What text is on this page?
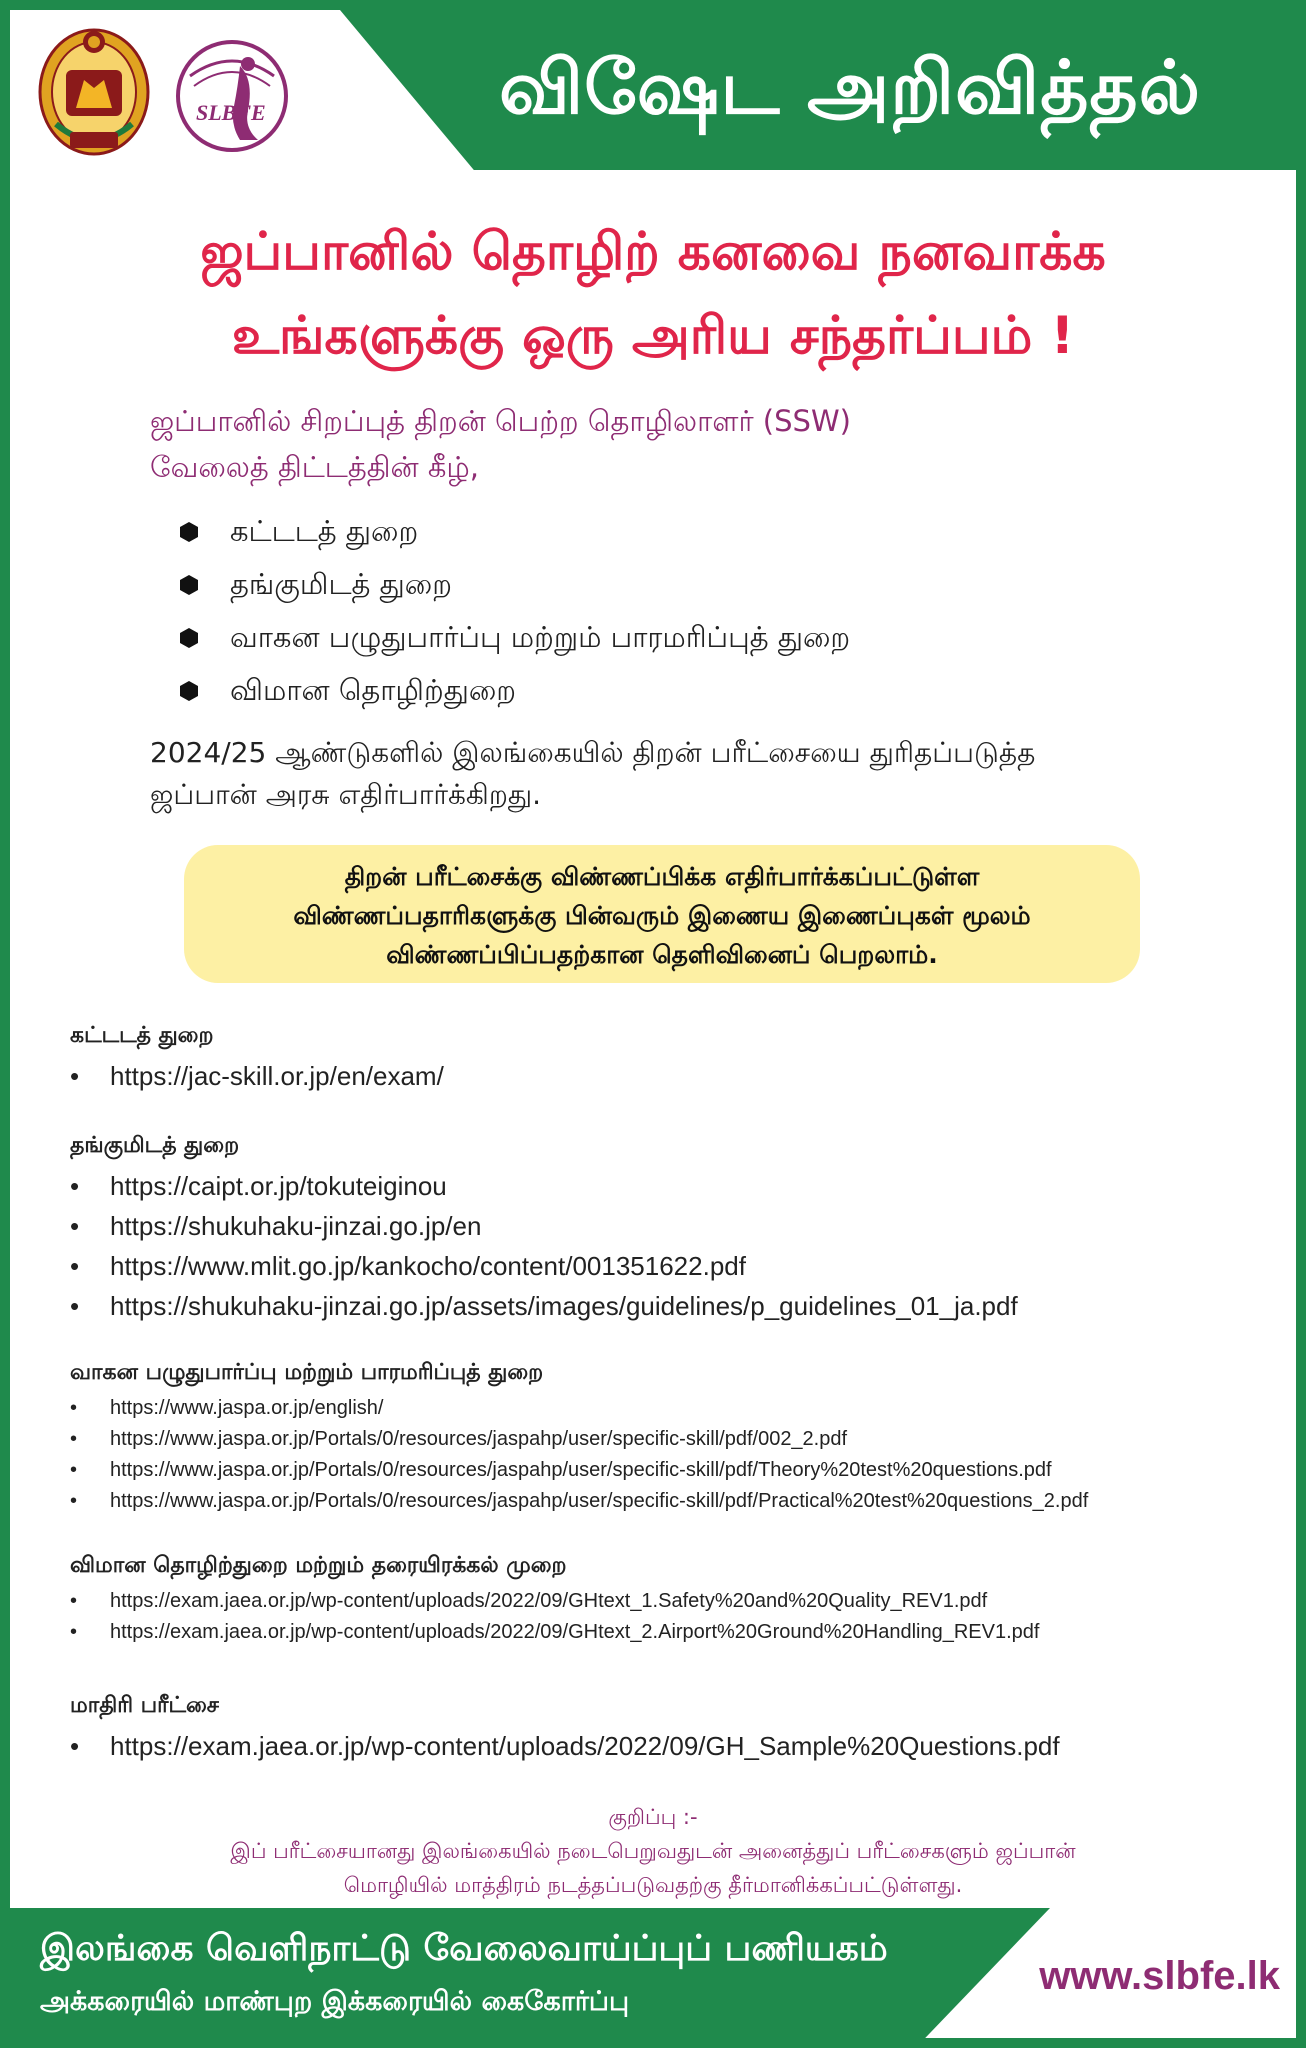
விஷேட அறிவித்தல்
SLBFE
ஜப்பானில் தொழிற் கனவை நனவாக்க
உங்களுக்கு ஒரு அரிய சந்தர்ப்பம் !
ஜப்பானில் சிறப்புத் திறன் பெற்ற தொழிலாளர் (SSW)
வேலைத் திட்டத்தின் கீழ்,
கட்டடத் துறை
தங்குமிடத் துறை
வாகன பழுதுபார்ப்பு மற்றும் பாரமரிப்புத் துறை
விமான தொழிற்துறை
2024/25 ஆண்டுகளில் இலங்கையில் திறன் பரீட்சையை துரிதப்படுத்த
ஜப்பான் அரசு எதிர்பார்க்கிறது.
திறன் பரீட்சைக்கு விண்ணப்பிக்க எதிர்பார்க்கப்பட்டுள்ள
விண்ணப்பதாரிகளுக்கு பின்வரும் இணைய இணைப்புகள் மூலம்
விண்ணப்பிப்பதற்கான தெளிவினைப் பெறலாம்.
கட்டடத் துறை
• https://jac-skill.or.jp/en/exam/
தங்குமிடத் துறை
• https://caipt.or.jp/tokuteiginou
• https://shukuhaku-jinzai.go.jp/en
• https://www.mlit.go.jp/kankocho/content/001351622.pdf
• https://shukuhaku-jinzai.go.jp/assets/images/guidelines/p_guidelines_01_ja.pdf
வாகன பழுதுபார்ப்பு மற்றும் பாரமரிப்புத் துறை
• https://www.jaspa.or.jp/english/
• https://www.jaspa.or.jp/Portals/0/resources/jaspahp/user/specific-skill/pdf/002_2.pdf
• https://www.jaspa.or.jp/Portals/0/resources/jaspahp/user/specific-skill/pdf/Theory%20test%20questions.pdf
• https://www.jaspa.or.jp/Portals/0/resources/jaspahp/user/specific-skill/pdf/Practical%20test%20questions_2.pdf
விமான தொழிற்துறை மற்றும் தரையிரக்கல் முறை
• https://exam.jaea.or.jp/wp-content/uploads/2022/09/GHtext_1.Safety%20and%20Quality_REV1.pdf
• https://exam.jaea.or.jp/wp-content/uploads/2022/09/GHtext_2.Airport%20Ground%20Handling_REV1.pdf
மாதிரி பரீட்சை
• https://exam.jaea.or.jp/wp-content/uploads/2022/09/GH_Sample%20Questions.pdf
குறிப்பு :-
இப் பரீட்சையானது இலங்கையில் நடைபெறுவதுடன் அனைத்துப் பரீட்சைகளும் ஜப்பான்
மொழியில் மாத்திரம் நடத்தப்படுவதற்கு தீர்மானிக்கப்பட்டுள்ளது.
இலங்கை வெளிநாட்டு வேலைவாய்ப்புப் பணியகம்
அக்கரையில் மாண்புற இக்கரையில் கைகோர்ப்பு
www.slbfe.lk
